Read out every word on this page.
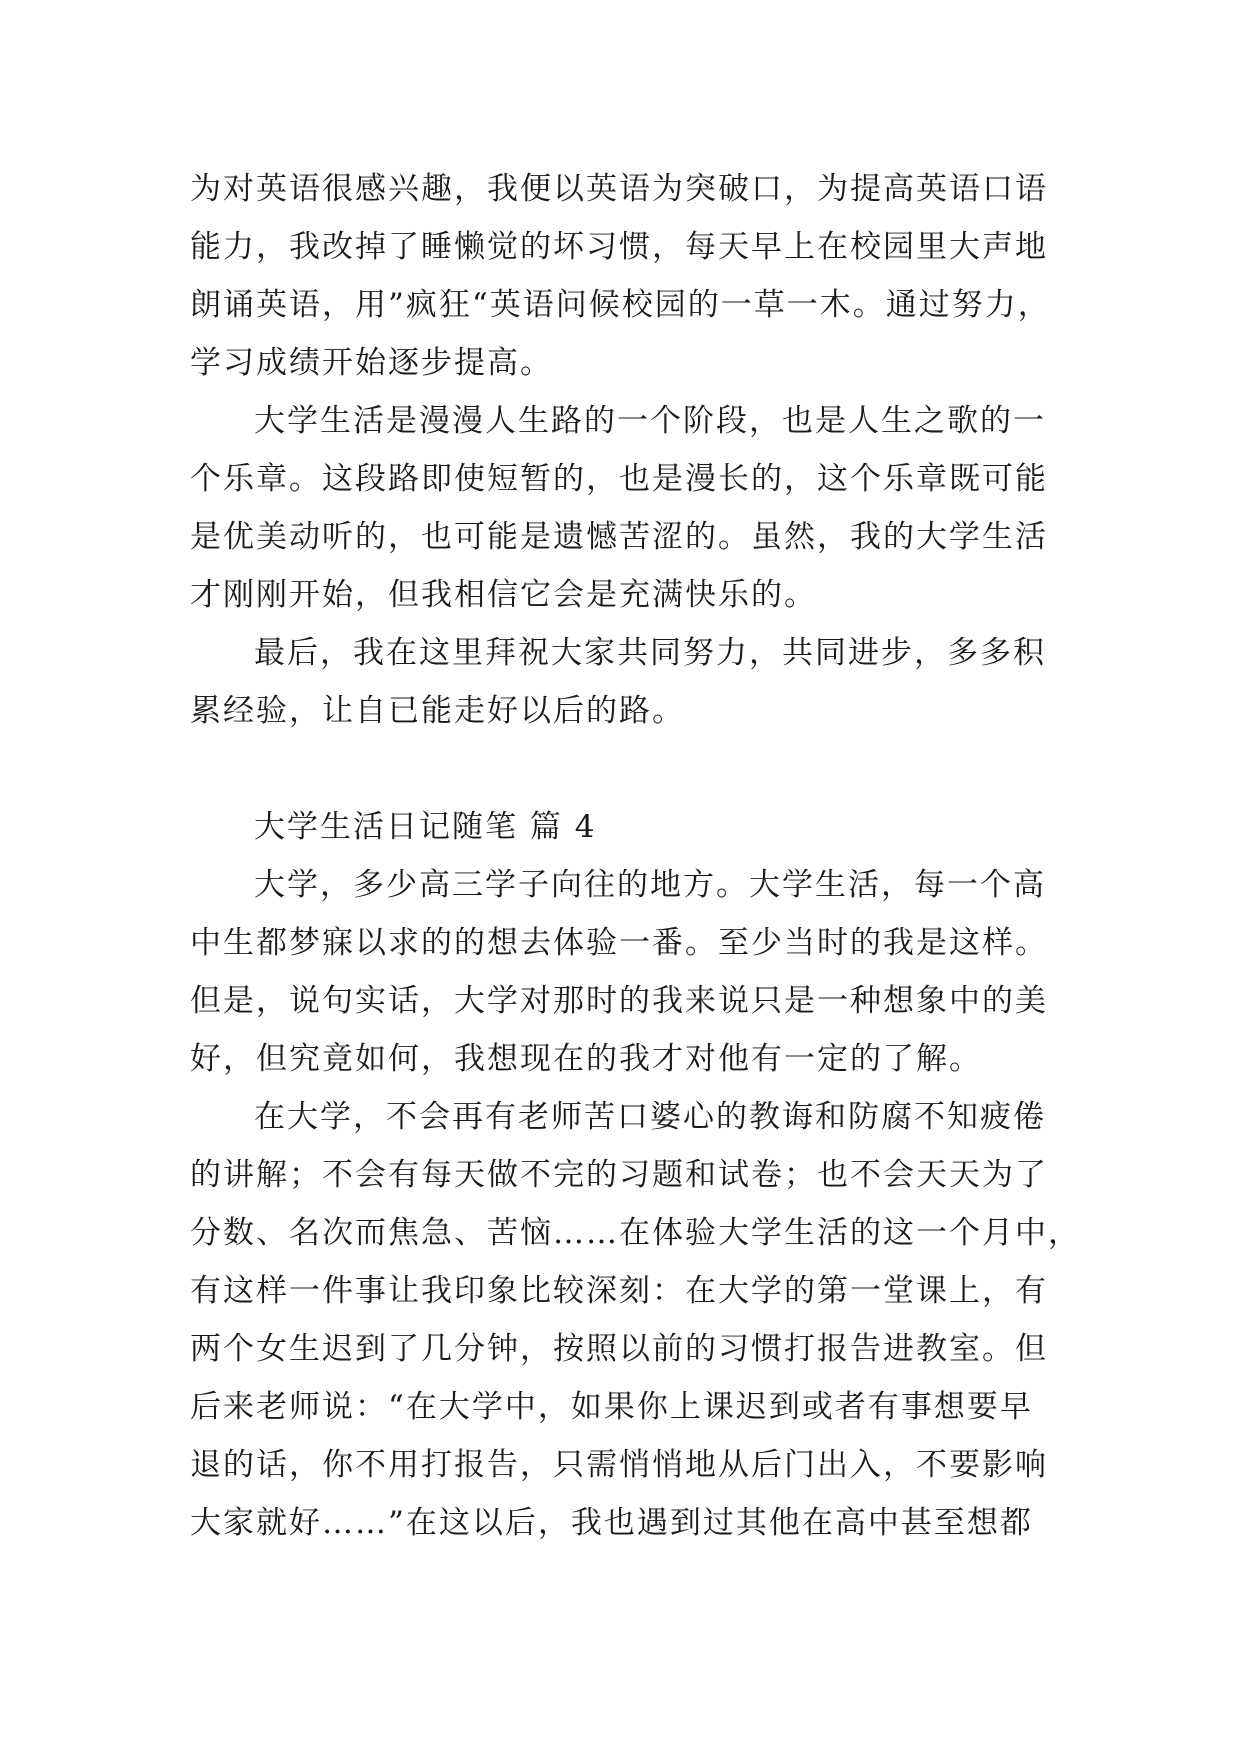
为对英语很感兴趣，我便以英语为突破口，为提高英语口语
能力，我改掉了睡懒觉的坏习惯，每天早上在校园里大声地
朗诵英语，用”疯狂“英语问候校园的一草一木。通过努力，
学习成绩开始逐步提高。
大学生活是漫漫人生路的一个阶段，也是人生之歌的一
个乐章。这段路即使短暂的，也是漫长的，这个乐章既可能
是优美动听的，也可能是遗憾苦涩的。虽然，我的大学生活
才刚刚开始，但我相信它会是充满快乐的。
最后，我在这里拜祝大家共同努力，共同进步，多多积
累经验，让自已能走好以后的路。
大学生活日记随笔 篇 4
大学，多少高三学子向往的地方。大学生活，每一个高
中生都梦寐以求的的想去体验一番。至少当时的我是这样。
但是，说句实话，大学对那时的我来说只是一种想象中的美
好，但究竟如何，我想现在的我才对他有一定的了解。
在大学，不会再有老师苦口婆心的教诲和防腐不知疲倦
的讲解；不会有每天做不完的习题和试卷；也不会天天为了
分数、名次而焦急、苦恼……在体验大学生活的这一个月中，
有这样一件事让我印象比较深刻：在大学的第一堂课上，有
两个女生迟到了几分钟，按照以前的习惯打报告进教室。但
后来老师说：“在大学中，如果你上课迟到或者有事想要早
退的话，你不用打报告，只需悄悄地从后门出入，不要影响
大家就好……”在这以后，我也遇到过其他在高中甚至想都
